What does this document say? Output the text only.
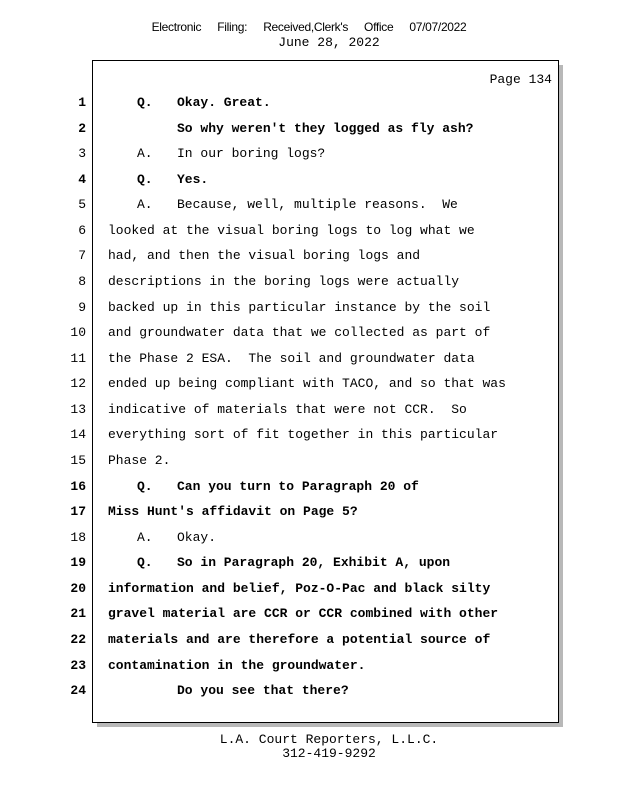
Electronic Filing: Received,Clerk's Office 07/07/2022
June 28, 2022
Page 134
1	Q. Okay. Great.
2	So why weren't they logged as fly ash?
3	A. In our boring logs?
4	Q. Yes.
5	A. Because, well, multiple reasons.  We
6 looked at the visual boring logs to log what we
7 had, and then the visual boring logs and
8 descriptions in the boring logs were actually
9 backed up in this particular instance by the soil
10 and groundwater data that we collected as part of
11 the Phase 2 ESA.  The soil and groundwater data
12 ended up being compliant with TACO, and so that was
13 indicative of materials that were not CCR.  So
14 everything sort of fit together in this particular
15 Phase 2.
16	Q. Can you turn to Paragraph 20 of
17 Miss Hunt's affidavit on Page 5?
18	A. Okay.
19	Q. So in Paragraph 20, Exhibit A, upon
20 information and belief, Poz-O-Pac and black silty
21 gravel material are CCR or CCR combined with other
22 materials and are therefore a potential source of
23 contamination in the groundwater.
24	Do you see that there?
L.A. Court Reporters, L.L.C.
312-419-9292
